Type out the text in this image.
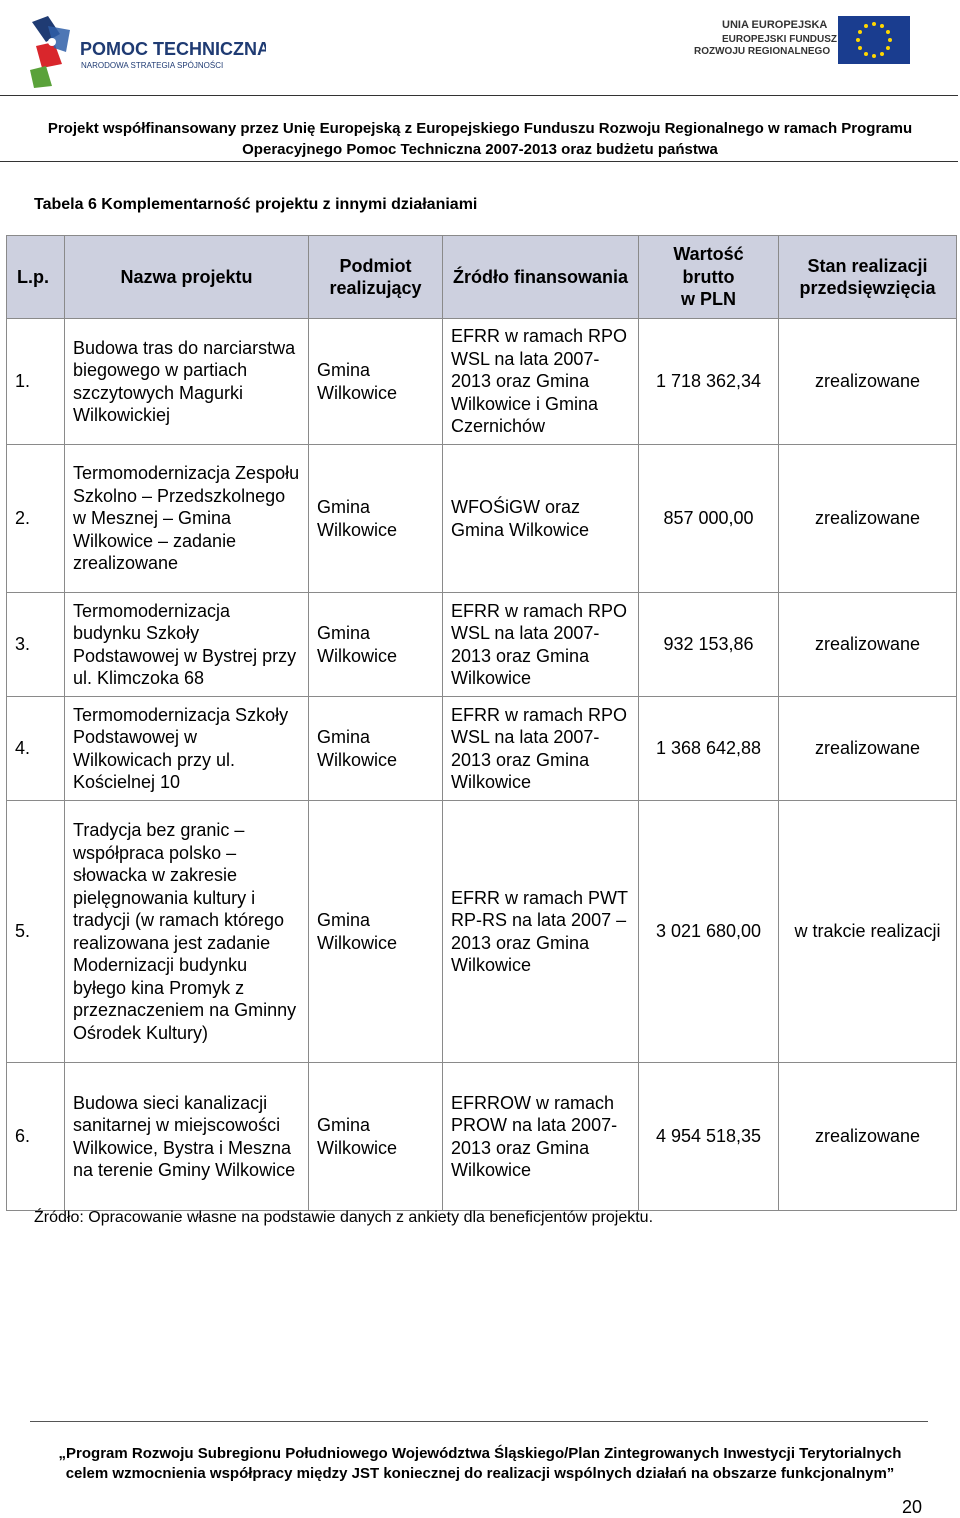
POMOC TECHNICZNA
NARODOWA STRATEGIA SPÓJNOŚCI
UNIA EUROPEJSKA
EUROPEJSKI FUNDUSZ
ROZWOJU REGIONALNEGO
Projekt współfinansowany przez Unię Europejską z Europejskiego Funduszu Rozwoju Regionalnego w ramach Programu
Operacyjnego Pomoc Techniczna 2007-2013 oraz budżetu państwa
Tabela 6 Komplementarność projektu z innymi działaniami
L.p.	Nazwa projektu	Podmiot realizujący	Źródło finansowania	Wartość
brutto
w PLN	Stan realizacji przedsięwzięcia
1.	Budowa tras do narciarstwa biegowego w partiach szczytowych Magurki Wilkowickiej	Gmina Wilkowice	EFRR w ramach RPO WSL na lata 2007-2013 oraz Gmina Wilkowice i Gmina Czernichów	1 718 362,34	zrealizowane
2.	Termomodernizacja Zespołu Szkolno – Przedszkolnego w Mesznej – Gmina Wilkowice – zadanie zrealizowane	Gmina Wilkowice	WFOŚiGW oraz Gmina Wilkowice	857 000,00	zrealizowane
3.	Termomodernizacja budynku Szkoły Podstawowej w Bystrej przy ul. Klimczoka 68	Gmina Wilkowice	EFRR w ramach RPO WSL na lata 2007-2013 oraz Gmina Wilkowice	932 153,86	zrealizowane
4.	Termomodernizacja Szkoły Podstawowej w Wilkowicach przy ul. Kościelnej 10	Gmina Wilkowice	EFRR w ramach RPO WSL na lata 2007-2013 oraz Gmina Wilkowice	1 368 642,88	zrealizowane
5.	Tradycja bez granic – współpraca polsko – słowacka w zakresie pielęgnowania kultury i tradycji (w ramach którego realizowana jest zadanie Modernizacji budynku byłego kina Promyk z przeznaczeniem na Gminny Ośrodek Kultury)	Gmina Wilkowice	EFRR w ramach PWT RP-RS na lata 2007 – 2013 oraz Gmina Wilkowice	3 021 680,00	w trakcie realizacji
6.	Budowa sieci kanalizacji sanitarnej w miejscowości Wilkowice, Bystra i Meszna na terenie Gminy Wilkowice	Gmina Wilkowice	EFRROW w ramach PROW na lata 2007-2013 oraz Gmina Wilkowice	4 954 518,35	zrealizowane
Źródło: Opracowanie własne na podstawie danych z ankiety dla beneficjentów projektu.
„Program Rozwoju Subregionu Południowego Województwa Śląskiego/Plan Zintegrowanych Inwestycji Terytorialnych
celem wzmocnienia współpracy między JST koniecznej do realizacji wspólnych działań na obszarze funkcjonalnym”
20
